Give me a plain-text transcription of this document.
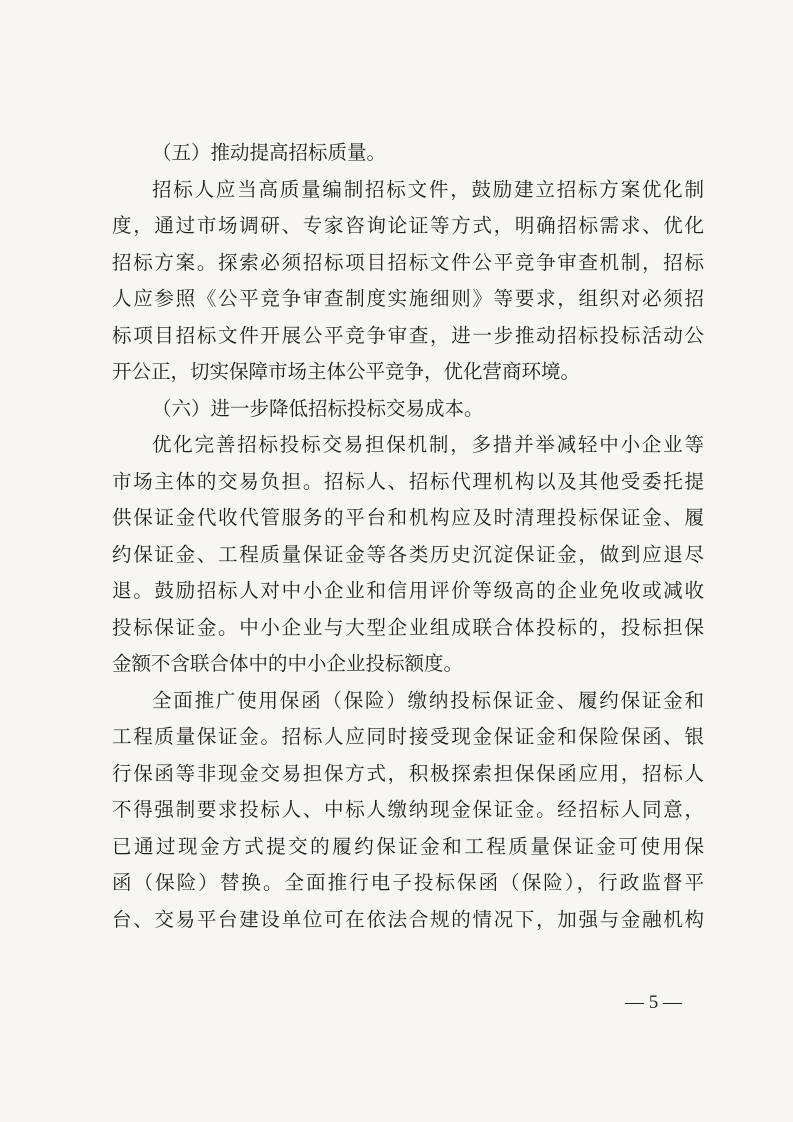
（五）推动提高招标质量。
招标人应当高质量编制招标文件，鼓励建立招标方案优化制
度，通过市场调研、专家咨询论证等方式，明确招标需求、优化
招标方案。探索必须招标项目招标文件公平竞争审查机制，招标
人应参照《公平竞争审查制度实施细则》等要求，组织对必须招
标项目招标文件开展公平竞争审查，进一步推动招标投标活动公
开公正，切实保障市场主体公平竞争，优化营商环境。
（六）进一步降低招标投标交易成本。
优化完善招标投标交易担保机制，多措并举减轻中小企业等
市场主体的交易负担。招标人、招标代理机构以及其他受委托提
供保证金代收代管服务的平台和机构应及时清理投标保证金、履
约保证金、工程质量保证金等各类历史沉淀保证金，做到应退尽
退。鼓励招标人对中小企业和信用评价等级高的企业免收或减收
投标保证金。中小企业与大型企业组成联合体投标的，投标担保
金额不含联合体中的中小企业投标额度。
全面推广使用保函（保险）缴纳投标保证金、履约保证金和
工程质量保证金。招标人应同时接受现金保证金和保险保函、银
行保函等非现金交易担保方式，积极探索担保保函应用，招标人
不得强制要求投标人、中标人缴纳现金保证金。经招标人同意，
已通过现金方式提交的履约保证金和工程质量保证金可使用保
函（保险）替换。全面推行电子投标保函（保险），行政监督平
台、交易平台建设单位可在依法合规的情况下，加强与金融机构
— 5 —
